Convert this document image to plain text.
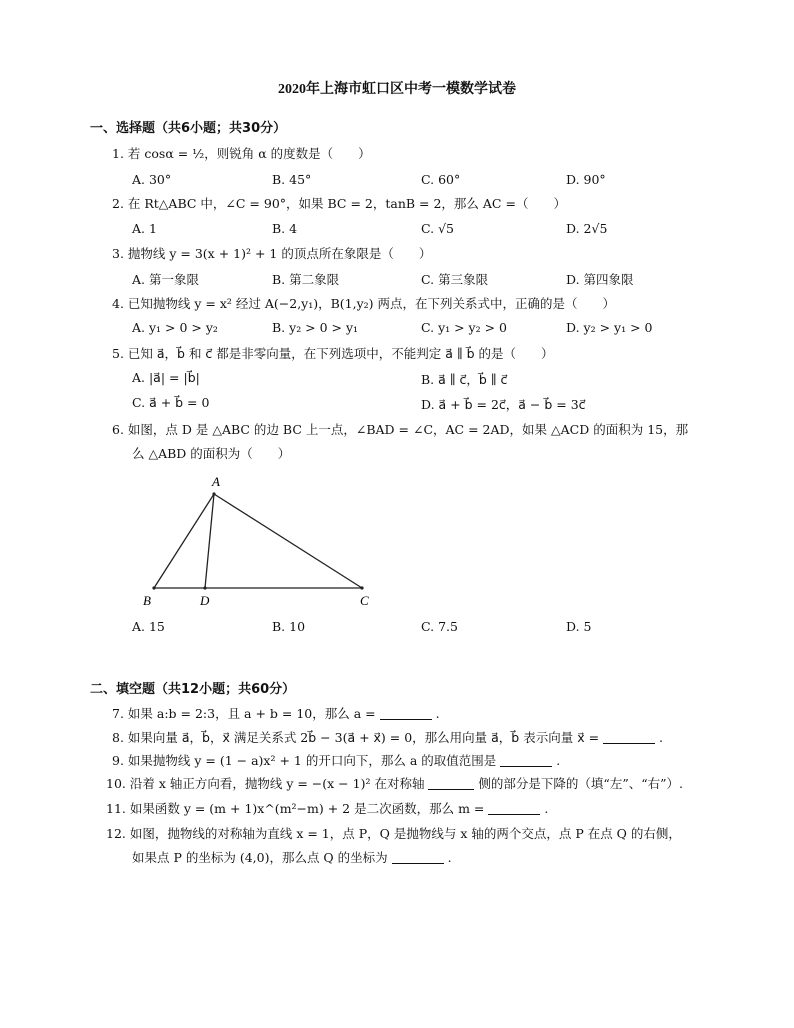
2020年上海市虹口区中考一模数学试卷
一、选择题（共6小题；共30分）
1. 若 cosα = ½，则锐角 α 的度数是（　　）
A. 30°	B. 45°	C. 60°	D. 90°
2. 在 Rt△ABC 中，∠C = 90°，如果 BC = 2，tanB = 2，那么 AC =（　　）
A. 1	B. 4	C. √5	D. 2√5
3. 抛物线 y = 3(x + 1)² + 1 的顶点所在象限是（　　）
A. 第一象限	B. 第二象限	C. 第三象限	D. 第四象限
4. 已知抛物线 y = x² 经过 A(−2,y₁)，B(1,y₂) 两点，在下列关系式中，正确的是（　　）
A. y₁ > 0 > y₂	B. y₂ > 0 > y₁	C. y₁ > y₂ > 0	D. y₂ > y₁ > 0
5. 已知 a⃗，b⃗ 和 c⃗ 都是非零向量，在下列选项中，不能判定 a⃗ ∥ b⃗ 的是（　　）
A. |a⃗| = |b⃗|	B. a⃗ ∥ c⃗，b⃗ ∥ c⃗
C. a⃗ + b⃗ = 0	D. a⃗ + b⃗ = 2c⃗，a⃗ − b⃗ = 3c⃗
6. 如图，点 D 是 △ABC 的边 BC 上一点，∠BAD = ∠C，AC = 2AD，如果 △ACD 的面积为 15，那
么 △ABD 的面积为（　　）
A
B	D	C
A. 15	B. 10	C. 7.5	D. 5
二、填空题（共12小题；共60分）
7. 如果 a:b = 2:3，且 a + b = 10，那么 a =	.
8. 如果向量 a⃗，b⃗，x⃗ 满足关系式 2b⃗ − 3(a⃗ + x⃗) = 0，那么用向量 a⃗，b⃗ 表示向量 x⃗ =	.
9. 如果抛物线 y = (1 − a)x² + 1 的开口向下，那么 a 的取值范围是	.
10. 沿着 x 轴正方向看，抛物线 y = −(x − 1)² 在对称轴	侧的部分是下降的（填“左”、“右”）.
11. 如果函数 y = (m + 1)x^(m²−m) + 2 是二次函数，那么 m =	.
12. 如图，抛物线的对称轴为直线 x = 1，点 P，Q 是抛物线与 x 轴的两个交点，点 P 在点 Q 的右侧，
如果点 P 的坐标为 (4,0)，那么点 Q 的坐标为	.
